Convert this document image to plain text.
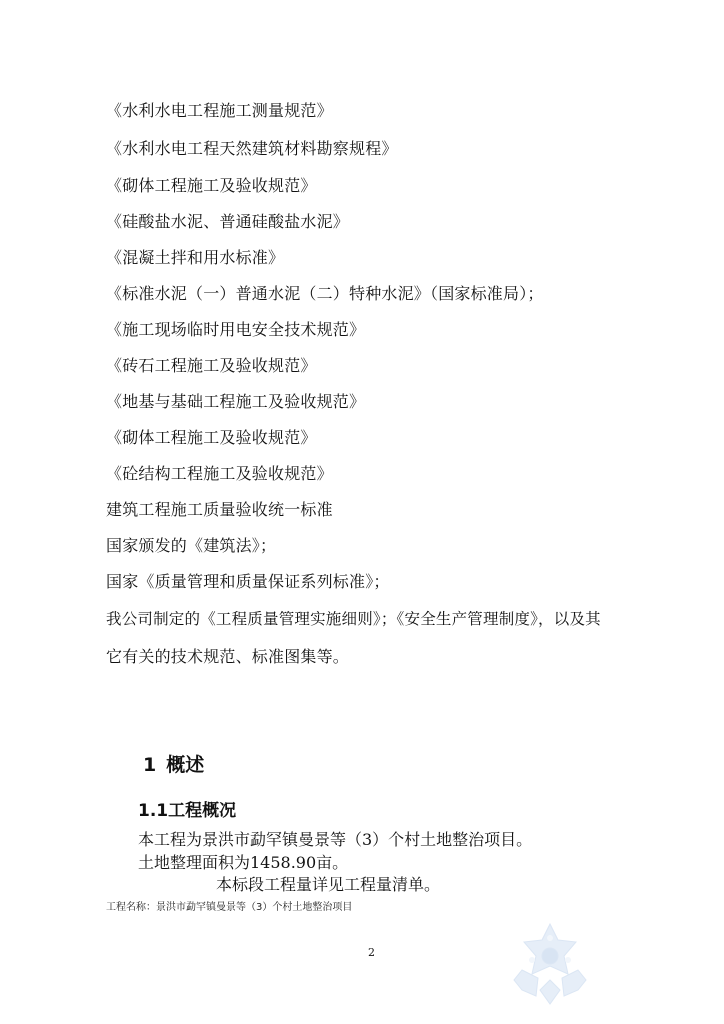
《水利水电工程施工测量规范》
《水利水电工程天然建筑材料勘察规程》
《砌体工程施工及验收规范》
《硅酸盐水泥、普通硅酸盐水泥》
《混凝土拌和用水标准》
《标准水泥（一）普通水泥（二）特种水泥》（国家标准局）；
《施工现场临时用电安全技术规范》
《砖石工程施工及验收规范》
《地基与基础工程施工及验收规范》
《砌体工程施工及验收规范》
《砼结构工程施工及验收规范》
建筑工程施工质量验收统一标准
国家颁发的《建筑法》；
国家《质量管理和质量保证系列标准》；
我公司制定的《工程质量管理实施细则》；《安全生产管理制度》，以及其
它有关的技术规范、标准图集等。
1 概述
1.1工程概况
本工程为景洪市勐罕镇曼景等（3）个村土地整治项目。
土地整理面积为1458.90亩。
本标段工程量详见工程量清单。
工程名称：景洪市勐罕镇曼景等（3）个村土地整治项目
2
